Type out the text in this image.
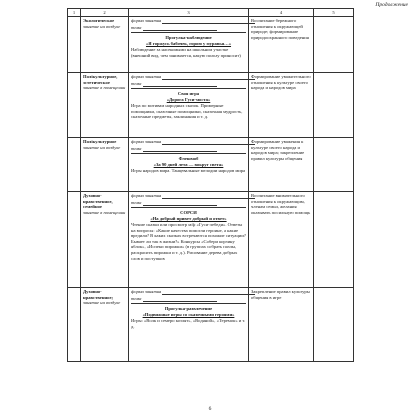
Продолжение
1	2	3	4	5

	Экологическое
занятие на воздухе	форма занятия
тема
Прогулка-наблюдение
«Я горжусь бабочек, горою у муравья…»
Наблюдение за насекомыми на школьном участке (внешний вид, чем занимается, какую пользу приносит)	Воспитание бережного отношения к окружающей природе; формирование природоохранного поведения	

	Полікультурное, эстетическое
занятие в помещении	форма занятия
тема
Своя игра
«Дорога Гуси-моста»
Игра по мотивам народных сказок. Примерные помощники, сказочные помощники, сказочная мудрость, сказочные предметы, заклинания и т. д.	Формирование уважительного отношения к культуре своего народа и народов мира	

	Полікультурное
занятие на воздухе	форма занятия
тема
Флешмоб
«За 90 дней лета — вокруг света»
Игры народов мира. Танцевальные мелодии народов мира	Формирование уважения к культуре своего народа и народов мира; закрепление правил культуры общения	

	Духовно-нравственное, семейное
занятие в помещении	форма занятия
тема
СОРСИ
«На добрый привет добрый и ответ»
Чтение сказки или просмотр м/ф «Гуси-лебеди». Ответы на вопросы: «Какие качества помогли героине, а какие вредили? В каких сказках встречаются похожие ситуации? Бывает ли так в жизни?» Конкурсы «Собери корзину яблок», «Испеки пирожки» (в группах собрать пазлы, раскрасить пирожки и т. д.). Рисование дерева добрых слов и поступков	Воспитание внимательного отношения к окружающим, членам семьи, желания оказывать посильную помощь	

	Духовно-нравственное;
занятие на воздухе	форма занятия
тема
Прогулка-развлечение
«Подвижные игры со сказочными героями»
Игры: «Волк и семеро козлят», «Водяной», «Теремок» и т. д.	Закрепление правил культуры общения в игре	

6
